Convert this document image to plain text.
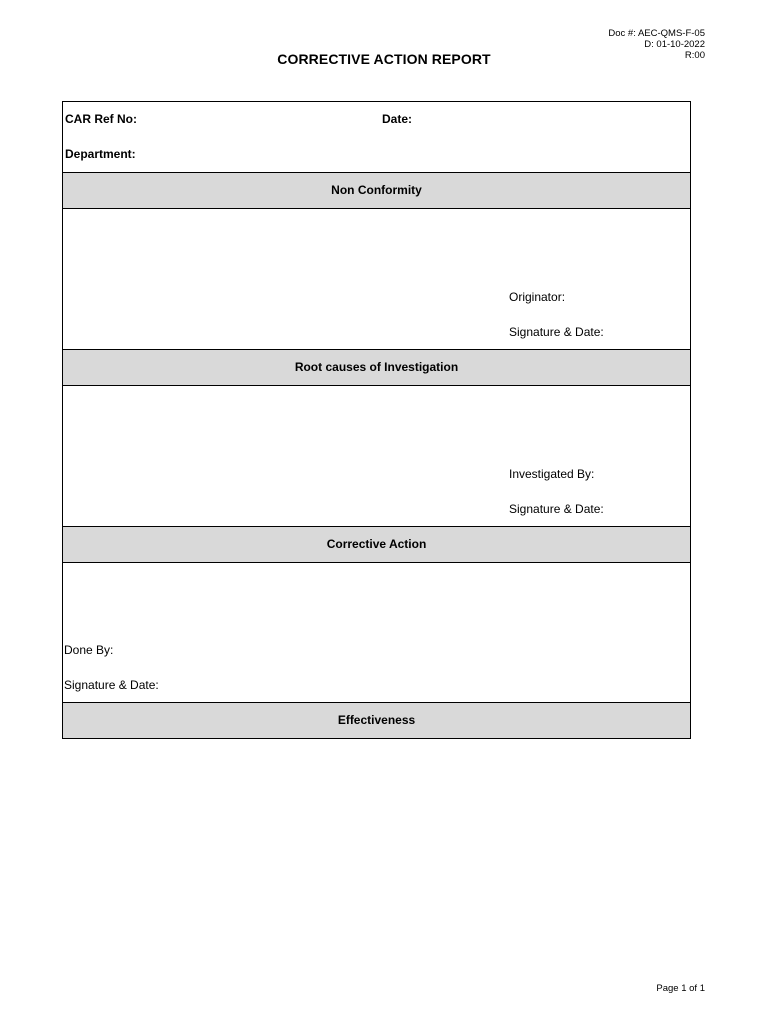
Doc #: AEC-QMS-F-05
D: 01-10-2022
R:00
CORRECTIVE ACTION REPORT
CAR Ref No:	Date:
Department:
Non Conformity
Originator:
Signature & Date:
Root causes of Investigation
Investigated By:
Signature & Date:
Corrective Action
Done By:
Signature & Date:
Effectiveness
Page 1 of 1
